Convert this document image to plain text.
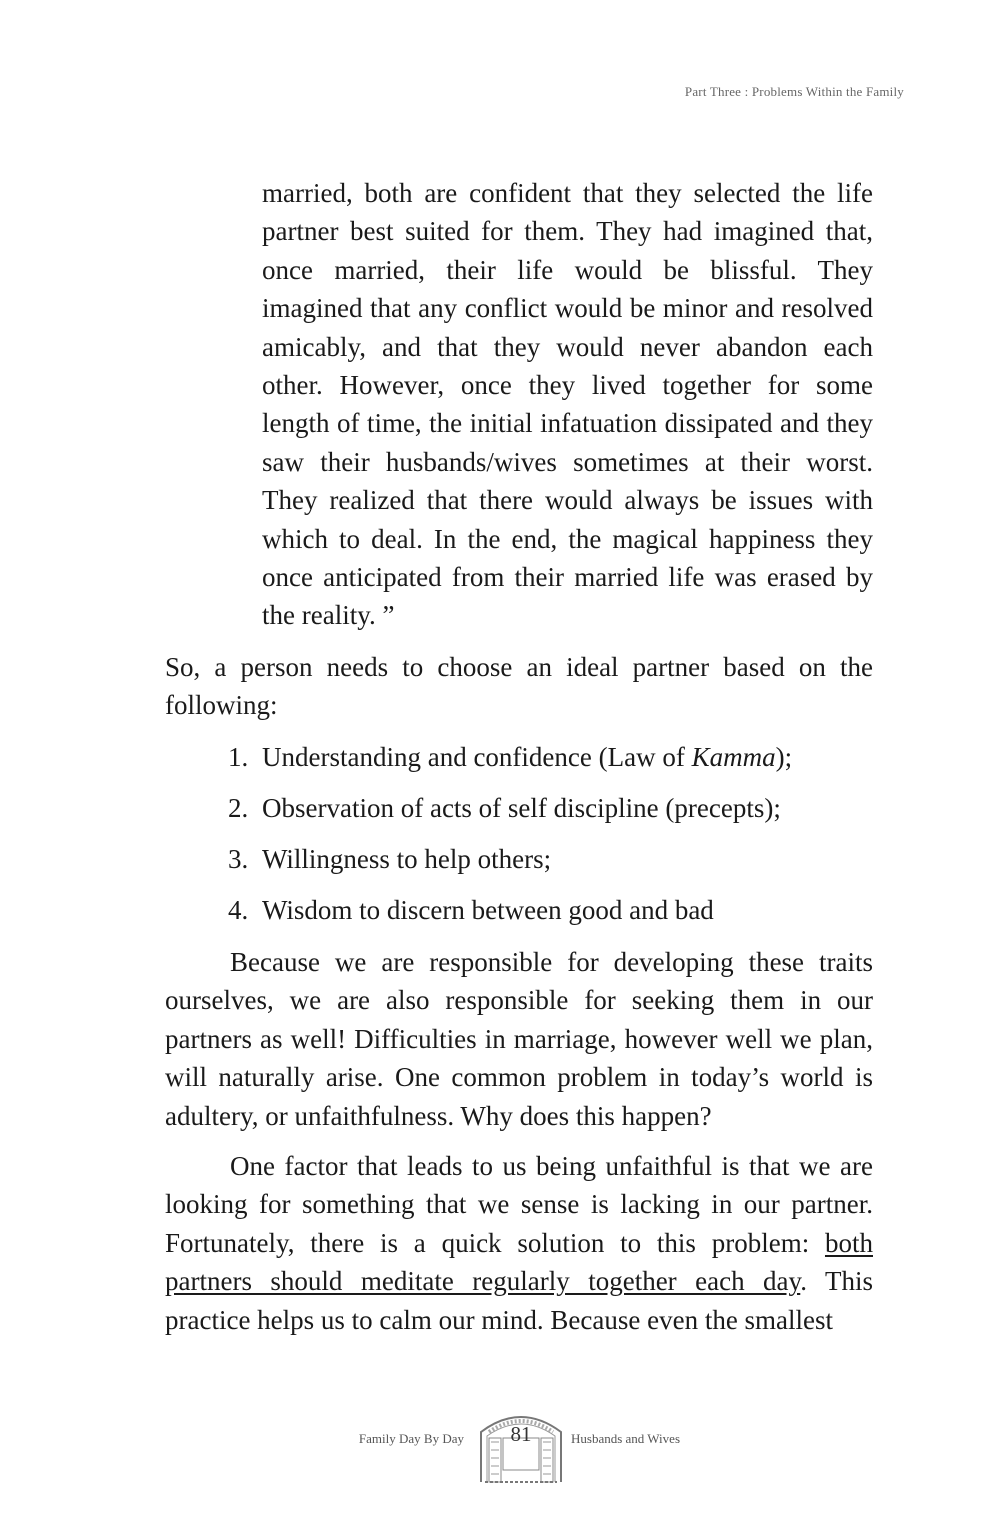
Part Three : Problems Within the Family

married, both are confident that they selected the life partner best suited for them. They had imagined that, once married, their life would be blissful. They imagined that any conflict would be minor and resolved amicably, and that they would never abandon each other. However, once they lived together for some length of time, the initial infatuation dissipated and they saw their husbands/wives sometimes at their worst. They realized that there would always be issues with which to deal. In the end, the magical happiness they once anticipated from their married life was erased by the reality. ”

So, a person needs to choose an ideal partner based on the following:

1. Understanding and confidence (Law of Kamma);
2. Observation of acts of self discipline (precepts);
3. Willingness to help others;
4. Wisdom to discern between good and bad

Because we are responsible for developing these traits ourselves, we are also responsible for seeking them in our partners as well! Difficulties in marriage, however well we plan, will naturally arise. One common problem in today’s world is adultery, or unfaithfulness. Why does this happen?

One factor that leads to us being unfaithful is that we are looking for something that we sense is lacking in our partner. Fortunately, there is a quick solution to this problem: both partners should meditate regularly together each day. This practice helps us to calm our mind. Because even the smallest

Family Day By Day	81	Husbands and Wives
